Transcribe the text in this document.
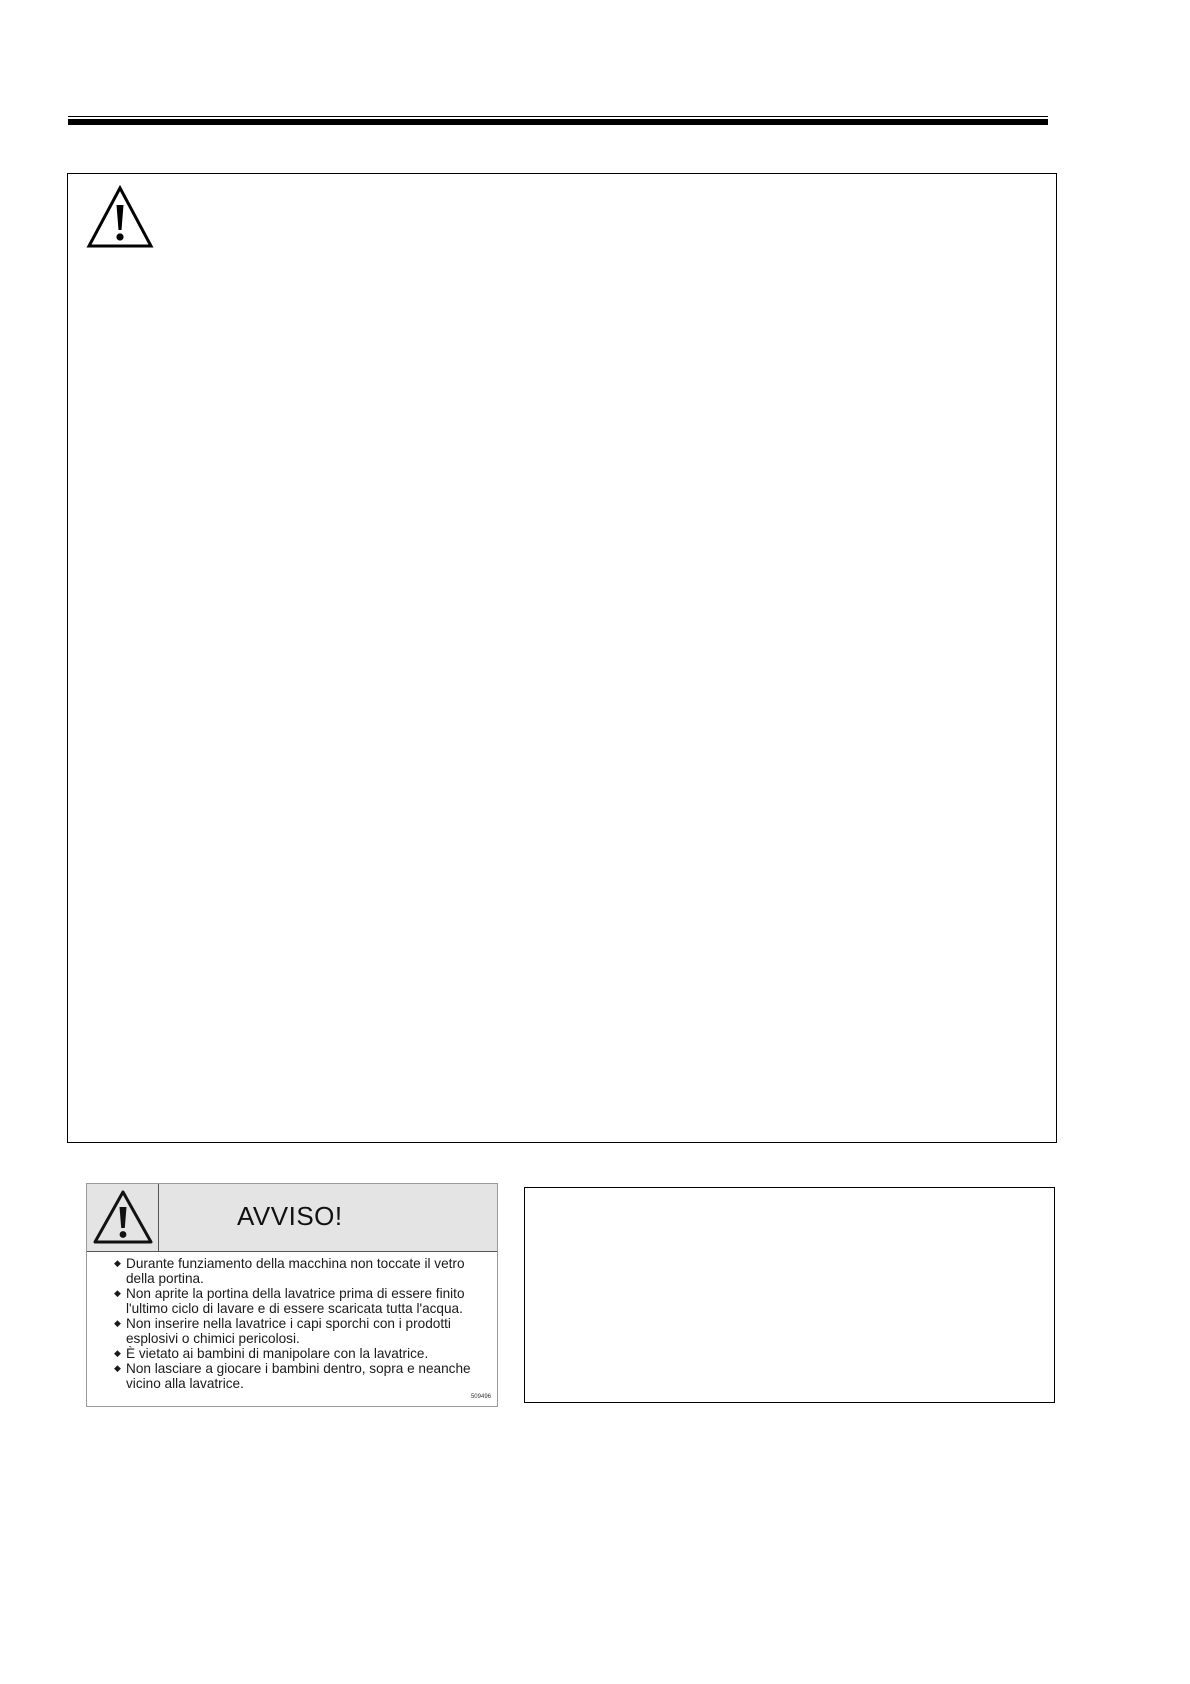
AVVISO!
◆ Durante funziamento della macchina non toccate il vetro della portina.
◆ Non aprite la portina della lavatrice prima di essere finito l'ultimo ciclo di lavare e di essere scaricata tutta l'acqua.
◆ Non inserire nella lavatrice i capi sporchi con i prodotti esplosivi o chimici pericolosi.
◆ È vietato ai bambini di manipolare con la lavatrice.
◆ Non lasciare a giocare i bambini dentro, sopra e neanche vicino alla lavatrice.
509496
